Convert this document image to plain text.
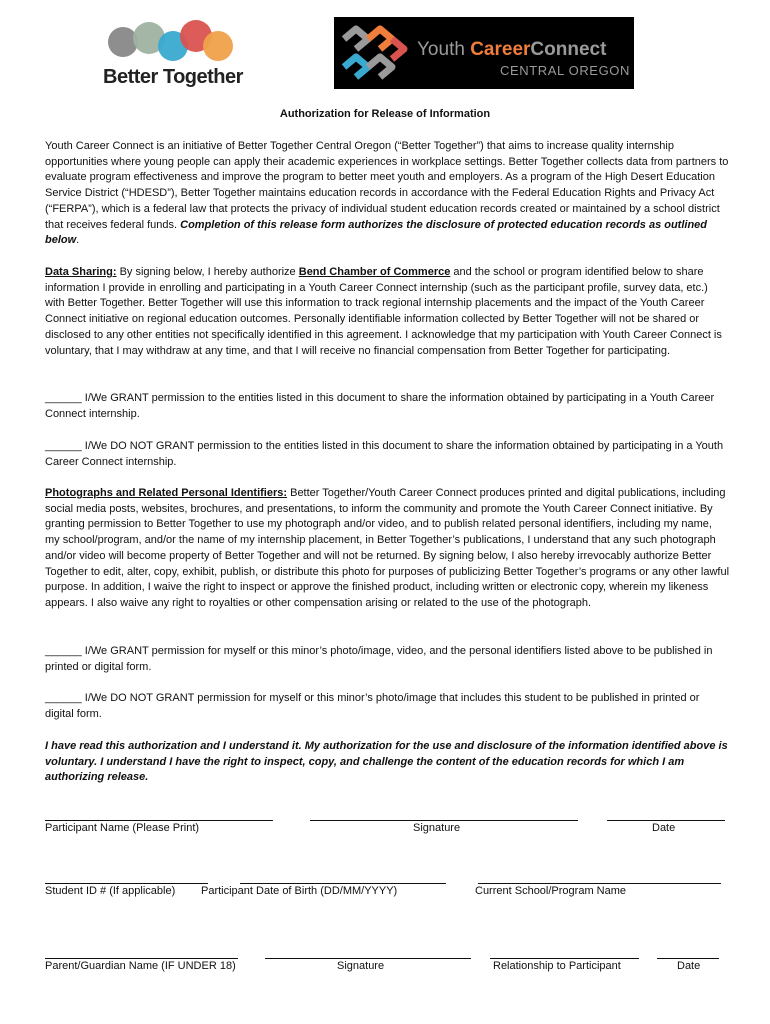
Better Together
Youth CareerConnect
CENTRAL OREGON
Authorization for Release of Information

Youth Career Connect is an initiative of Better Together Central Oregon (“Better Together”) that aims to increase quality internship opportunities where young people can apply their academic experiences in workplace settings. Better Together collects data from partners to evaluate program effectiveness and improve the program to better meet youth and employers. As a program of the High Desert Education Service District (“HDESD”), Better Together maintains education records in accordance with the Federal Education Rights and Privacy Act (“FERPA”), which is a federal law that protects the privacy of individual student education records created or maintained by a school district that receives federal funds. Completion of this release form authorizes the disclosure of protected education records as outlined below.

Data Sharing: By signing below, I hereby authorize Bend Chamber of Commerce and the school or program identified below to share information I provide in enrolling and participating in a Youth Career Connect internship (such as the participant profile, survey data, etc.) with Better Together. Better Together will use this information to track regional internship placements and the impact of the Youth Career Connect initiative on regional education outcomes. Personally identifiable information collected by Better Together will not be shared or disclosed to any other entities not specifically identified in this agreement. I acknowledge that my participation with Youth Career Connect is voluntary, that I may withdraw at any time, and that I will receive no financial compensation from Better Together for participating.

______ I/We GRANT permission to the entities listed in this document to share the information obtained by participating in a Youth Career Connect internship.

______ I/We DO NOT GRANT permission to the entities listed in this document to share the information obtained by participating in a Youth Career Connect internship.

Photographs and Related Personal Identifiers: Better Together/Youth Career Connect produces printed and digital publications, including social media posts, websites, brochures, and presentations, to inform the community and promote the Youth Career Connect initiative. By granting permission to Better Together to use my photograph and/or video, and to publish related personal identifiers, including my name, my school/program, and/or the name of my internship placement, in Better Together’s publications, I understand that any such photograph and/or video will become property of Better Together and will not be returned. By signing below, I also hereby irrevocably authorize Better Together to edit, alter, copy, exhibit, publish, or distribute this photo for purposes of publicizing Better Together’s programs or any other lawful purpose. In addition, I waive the right to inspect or approve the finished product, including written or electronic copy, wherein my likeness appears. I also waive any right to royalties or other compensation arising or related to the use of the photograph.

______ I/We GRANT permission for myself or this minor’s photo/image, video, and the personal identifiers listed above to be published in printed or digital form.

______ I/We DO NOT GRANT permission for myself or this minor’s photo/image that includes this student to be published in printed or digital form.

I have read this authorization and I understand it. My authorization for the use and disclosure of the information identified above is voluntary. I understand I have the right to inspect, copy, and challenge the content of the education records for which I am authorizing release.

Participant Name (Please Print)	Signature	Date
Student ID # (If applicable) Participant Date of Birth (DD/MM/YYYY)	Current School/Program Name
Parent/Guardian Name (IF UNDER 18)	Signature	Relationship to Participant	Date
